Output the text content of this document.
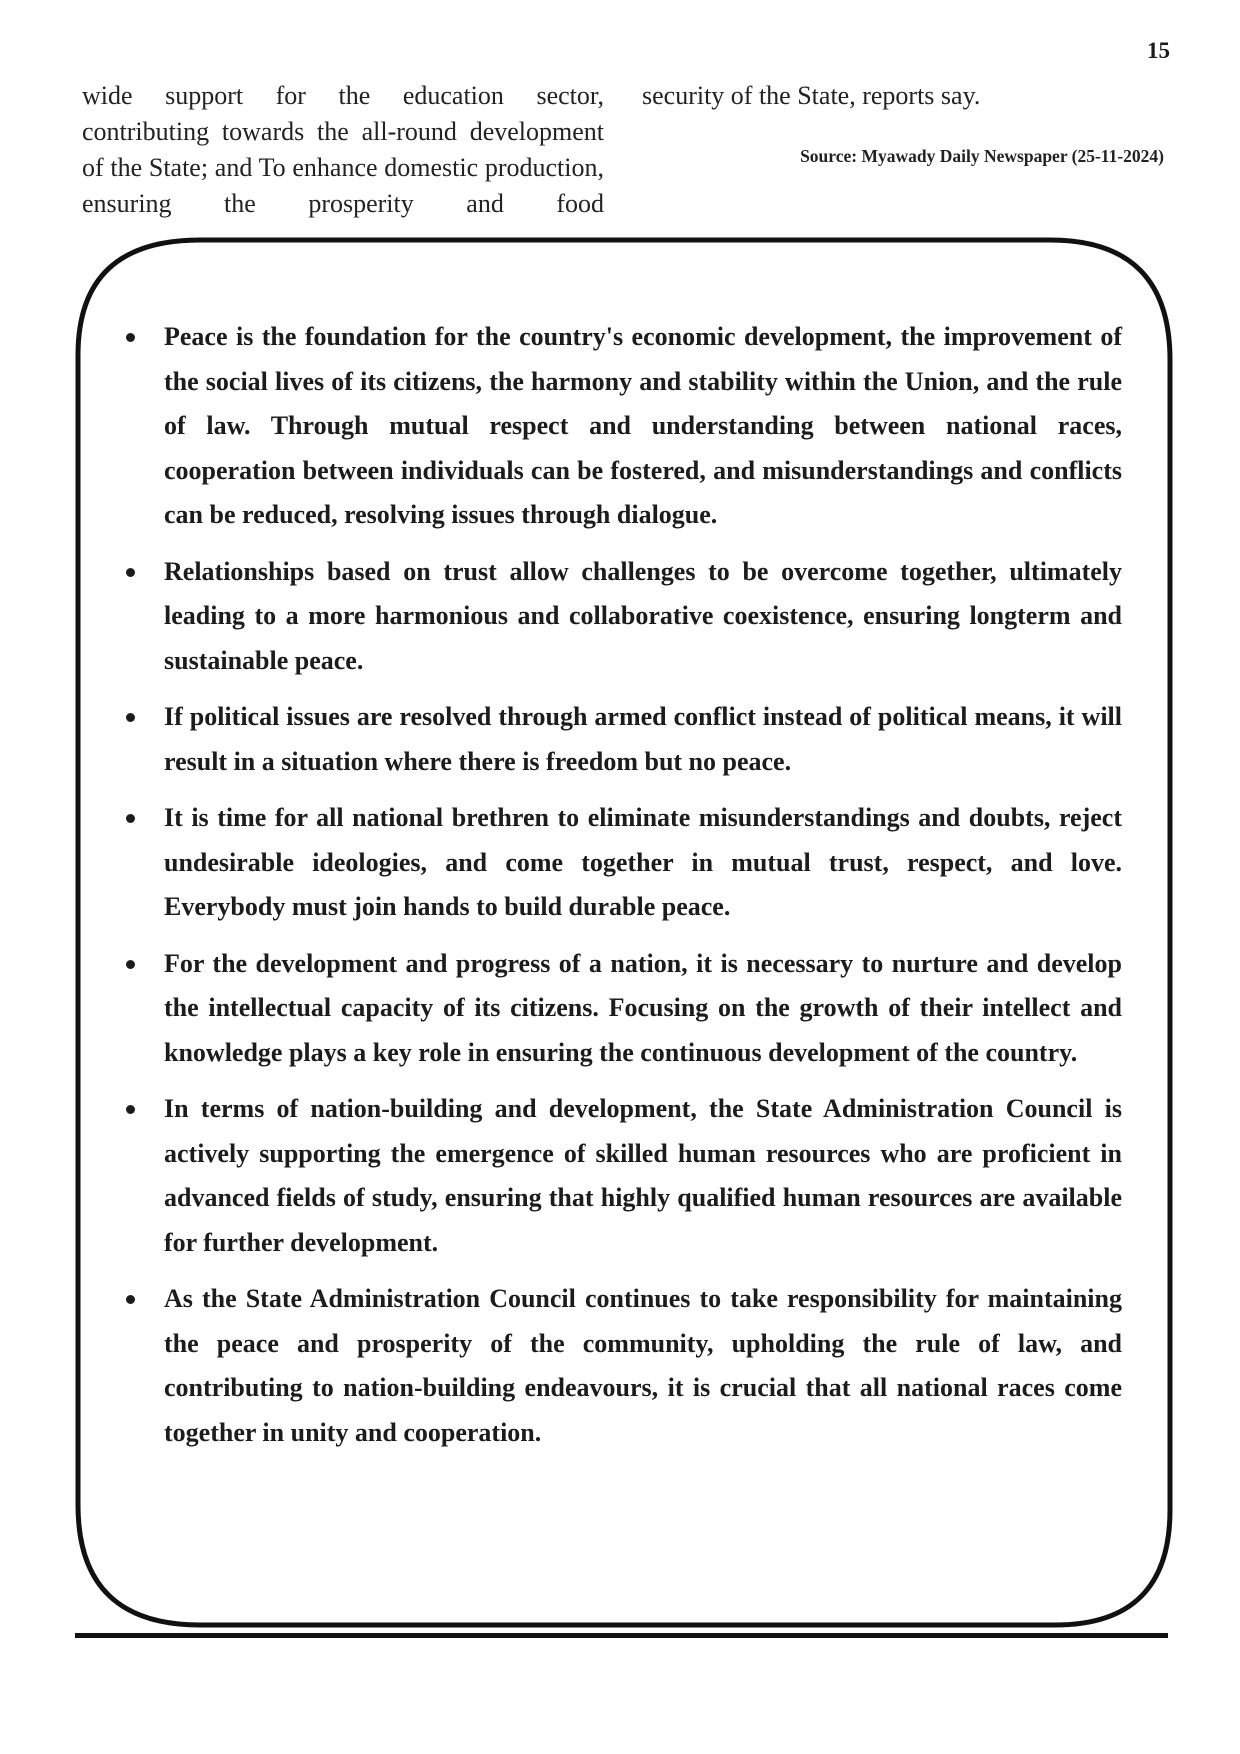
15
wide support for the education sector, contributing towards the all-round development of the State; and To enhance domestic production, ensuring the prosperity and food
security of the State, reports say.
Source: Myawady Daily Newspaper (25-11-2024)
Peace is the foundation for the country's economic development, the improvement of the social lives of its citizens, the harmony and stability within the Union, and the rule of law. Through mutual respect and understanding between national races, cooperation between individuals can be fostered, and misunderstandings and conflicts can be reduced, resolving issues through dialogue.
Relationships based on trust allow challenges to be overcome together, ultimately leading to a more harmonious and collaborative coexistence, ensuring longterm and sustainable peace.
If political issues are resolved through armed conflict instead of political means, it will result in a situation where there is freedom but no peace.
It is time for all national brethren to eliminate misunderstandings and doubts, reject undesirable ideologies, and come together in mutual trust, respect, and love. Everybody must join hands to build durable peace.
For the development and progress of a nation, it is necessary to nurture and develop the intellectual capacity of its citizens. Focusing on the growth of their intellect and knowledge plays a key role in ensuring the continuous development of the country.
In terms of nation-building and development, the State Administration Council is actively supporting the emergence of skilled human resources who are proficient in advanced fields of study, ensuring that highly qualified human resources are available for further development.
As the State Administration Council continues to take responsibility for maintaining the peace and prosperity of the community, upholding the rule of law, and contributing to nation-building endeavours, it is crucial that all national races come together in unity and cooperation.
